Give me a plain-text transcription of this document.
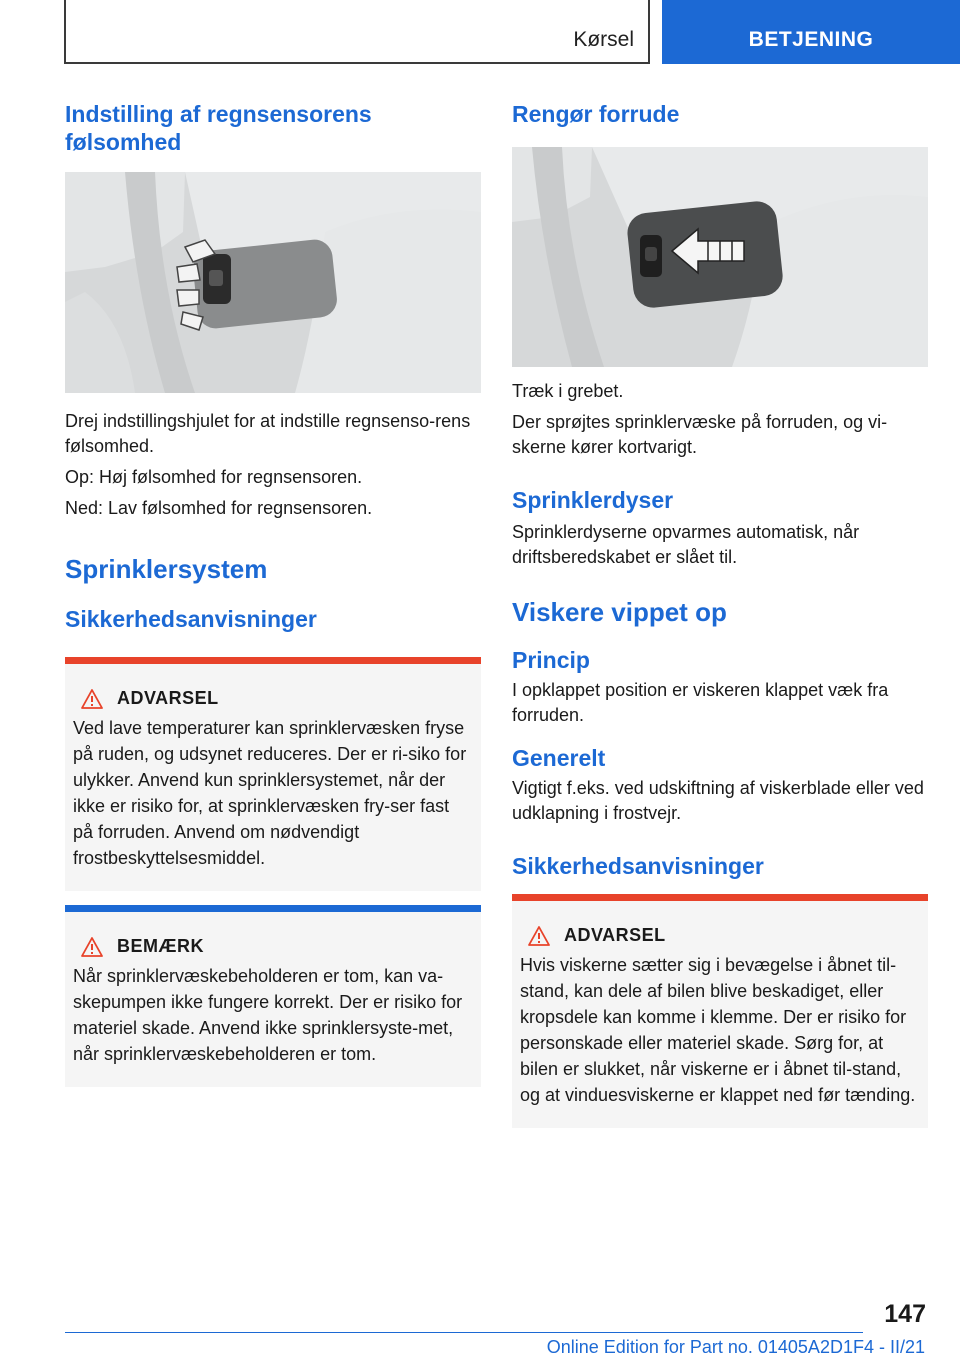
Kørsel	BETJENING
Indstilling af regnsensorens følsomhed

Drej indstillingshjulet for at indstille regnsenso-rens følsomhed.

Op: Høj følsomhed for regnsensoren.

Ned: Lav følsomhed for regnsensoren.

Sprinklersystem
Sikkerhedsanvisninger
ADVARSEL

Ved lave temperaturer kan sprinklervæsken fryse på ruden, og udsynet reduceres. Der er ri-siko for ulykker. Anvend kun sprinklersystemet, når der ikke er risiko for, at sprinklervæsken fry-ser fast på forruden. Anvend om nødvendigt frostbeskyttelsesmiddel.

BEMÆRK

Når sprinklervæskebeholderen er tom, kan va-skepumpen ikke fungere korrekt. Der er risiko for materiel skade. Anvend ikke sprinklersyste-met, når sprinklervæskebeholderen er tom.

Rengør forrude

Træk i grebet.

Der sprøjtes sprinklervæske på forruden, og vi-skerne kører kortvarigt.

Sprinklerdyser

Sprinklerdyserne opvarmes automatisk, når driftsberedskabet er slået til.

Viskere vippet op
Princip

I opklappet position er viskeren klappet væk fra forruden.

Generelt

Vigtigt f.eks. ved udskiftning af viskerblade eller ved udklapning i frostvejr.

Sikkerhedsanvisninger
ADVARSEL

Hvis viskerne sætter sig i bevægelse i åbnet til-stand, kan dele af bilen blive beskadiget, eller kropsdele kan komme i klemme. Der er risiko for personskade eller materiel skade. Sørg for, at bilen er slukket, når viskerne er i åbnet til-stand, og at vinduesviskerne er klappet ned før tænding.

147
Online Edition for Part no. 01405A2D1F4 - II/21
